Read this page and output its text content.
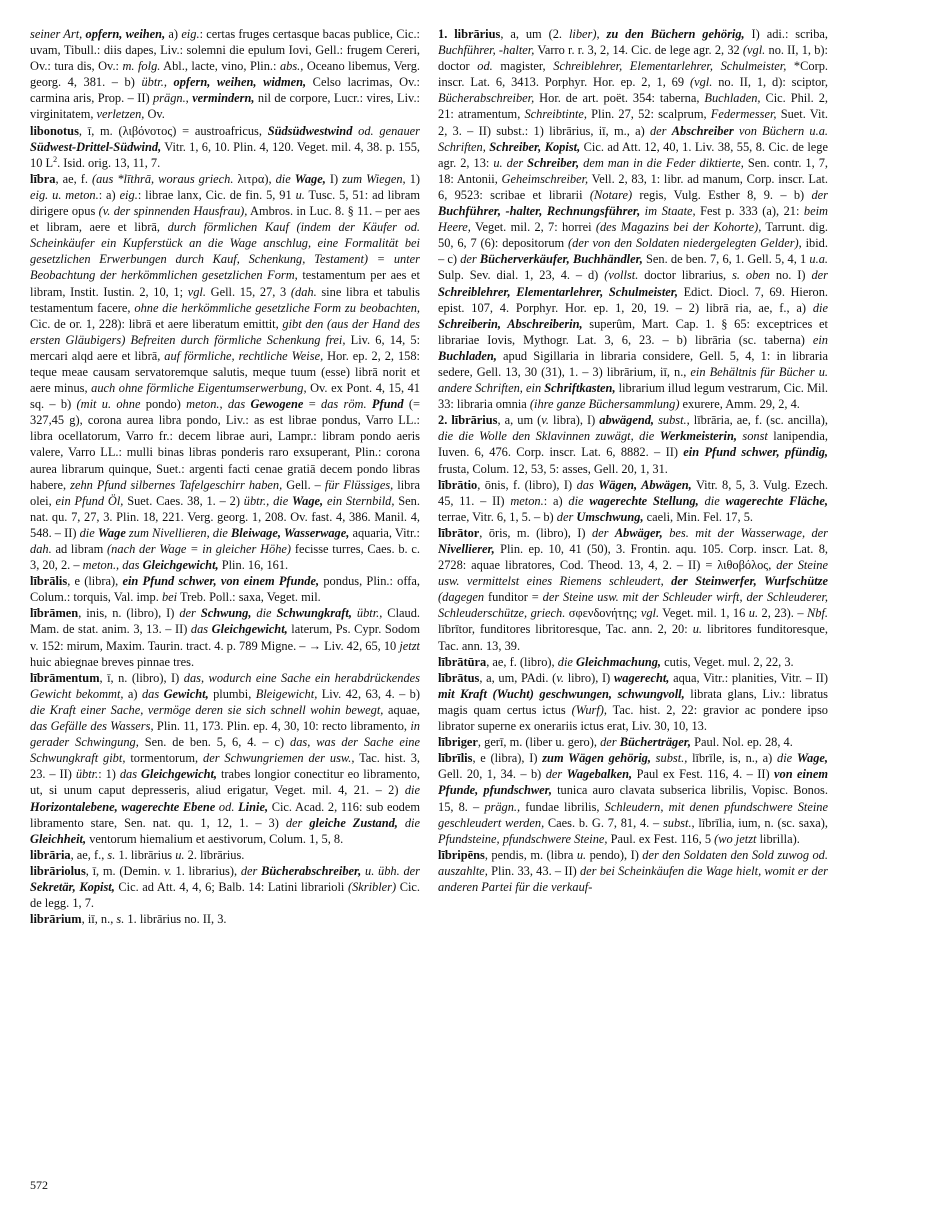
seiner Art, opfern, weihen, a) eig.: certas fruges certasque bacas publice, Cic.: uvam, Tibull.: diis dapes, Liv.: solemni die epulum Iovi, Gell.: frugem Cereri, Ov.: tura dis, Ov.: m. folg. Abl., lacte, vino, Plin.: abs., Oceano libemus, Verg. georg. 4, 381. – b) übtr., opfern, weihen, widmen, Celso lacrimas, Ov.: carmina aris, Prop. – II) prägn., vermindern, nil de corpore, Lucr.: vires, Liv.: virginitatem, verletzen, Ov.

libonotus, ī, m. (λιβόνοτος) = austroafricus, Südsüdwestwind od. genauer Südwest-Drittel-Südwind, Vitr. 1, 6, 10. Plin. 4, 120. Veget. mil. 4, 38. p. 155, 10 $L^2$. Isid. orig. 13, 11, 7.

lībra, ae, f. (aus *līthrā, woraus griech. λιτρα), die Wage, I) zum Wiegen, 1) eig. u. meton.: a) eig.: librae lanx, Cic. de fin. 5, 91 u. Tusc. 5, 51: ad libram dirigere opus (v. der spinnenden Hausfrau), Ambros. in Luc. 8. § 11. – per aes et libram, aere et librā, durch förmlichen Kauf (indem der Käufer od. Scheinkäufer ein Kupferstück an die Wage anschlug, eine Formalität bei gesetzlichen Erwerbungen durch Kauf, Schenkung, Testament) = unter Beobachtung der herkömmlichen gesetzlichen Form, testamentum per aes et libram, Instit. Iustin. 2, 10, 1; vgl. Gell. 15, 27, 3 (dah. sine libra et tabulis testamentum facere, ohne die herkömmliche gesetzliche Form zu beobachten, Cic. de or. 1, 228): librā et aere liberatum emittit, gibt den (aus der Hand des ersten Gläubigers) Befreiten durch förmliche Schenkung frei, Liv. 6, 14, 5: mercari alqd aere et librā, auf förmliche, rechtliche Weise, Hor. ep. 2, 2, 158: teque meae causam servatoremque salutis, meque tuum (esse) librā norit et aere minus, auch ohne förmliche Eigentumserwerbung, Ov. ex Pont. 4, 15, 41 sq. – b) (mit u. ohne pondo) meton., das Gewogene = das röm. Pfund (= 327,45 g), corona aurea libra pondo, Liv.: as est librae pondus, Varro LL.: libra ocellatorum, Varro fr.: decem librae auri, Lampr.: libram pondo aeris valere, Varro LL.: mulli binas libras ponderis raro exsuperant, Plin.: corona aurea librarum quinque, Suet.: argenti facti cenae gratiā decem pondo libras habere, zehn Pfund silbernes Tafelgeschirr haben, Gell. – für Flüssiges, libra olei, ein Pfund Öl, Suet. Caes. 38, 1. – 2) übtr., die Wage, ein Sternbild, Sen. nat. qu. 7, 27, 3. Plin. 18, 221. Verg. georg. 1, 208. Ov. fast. 4, 386. Manil. 4, 548. – II) die Wage zum Nivellieren, die Bleiwage, Wasserwage, aquaria, Vitr.: dah. ad libram (nach der Wage = in gleicher Höhe) fecisse turres, Caes. b. c. 3, 20, 2. – meton., das Gleichgewicht, Plin. 16, 161.

lībrālis, e (libra), ein Pfund schwer, von einem Pfunde, pondus, Plin.: offa, Colum.: torquis, Val. imp. bei Treb. Poll.: saxa, Veget. mil.

lībrāmen, inis, n. (libro), I) der Schwung, die Schwungkraft, übtr., Claud. Mam. de stat. anim. 3, 13. – II) das Gleichgewicht, laterum, Ps. Cypr. Sodom v. 152: mirum, Maxim. Taurin. tract. 4. p. 789 Migne. – → Liv. 42, 65, 10 jetzt huic abiegnae breves pinnae tres.

lībrāmentum, ī, n. (libro), I) das, wodurch eine Sache ein herabdrückendes Gewicht bekommt, a) das Gewicht, plumbi, Bleigewicht, Liv. 42, 63, 4. – b) die Kraft einer Sache, vermöge deren sie sich schnell wohin bewegt, aquae, das Gefälle des Wassers, Plin. 11, 173. Plin. ep. 4, 30, 10: recto libramento, in gerader Schwingung, Sen. de ben. 5, 6, 4. – c) das, was der Sache eine Schwungkraft gibt, tormentorum, der Schwungriemen der usw., Tac. hist. 3, 23. – II) übtr.: 1) das Gleichgewicht, trabes longior conectitur eo libramento, ut, si unum caput depresseris, aliud erigatur, Veget. mil. 4, 21. – 2) die Horizontalebene, wagerechte Ebene od. Linie, Cic. Acad. 2, 116: sub eodem libramento stare, Sen. nat. qu. 1, 12, 1. – 3) der gleiche Zustand, die Gleichheit, ventorum hiemalium et aestivorum, Colum. 1, 5, 8.

librāria, ae, f., s. 1. librārius u. 2. lībrārius.

librāriolus, ī, m. (Demin. v. 1. librarius), der Bücherabschreiber, u. übh. der Sekretär, Kopist, Cic. ad Att. 4, 4, 6; Balb. 14: Latini librarioli (Skribler) Cic. de legg. 1, 7.

librārium, iī, n., s. 1. librārius no. II, 3.

1. librārius, a, um (2. liber), zu den Büchern gehörig, I) adi.: scriba, Buchführer, -halter, Varro r. r. 3, 2, 14. Cic. de lege agr. 2, 32 (vgl. no. II, 1, b): doctor od. magister, Schreiblehrer, Elementarlehrer, Schulmeister, *Corp. inscr. Lat. 6, 3413. Porphyr. Hor. ep. 2, 1, 69 (vgl. no. II, 1, d): sciptor, Bücherabschreiber, Hor. de art. poët. 354: taberna, Buchladen, Cic. Phil. 2, 21: atramentum, Schreibtinte, Plin. 27, 52: scalprum, Federmesser, Suet. Vit. 2, 3. – II) subst.: 1) librārius, iī, m., a) der Abschreiber von Büchern u.a. Schriften, Schreiber, Kopist, Cic. ad Att. 12, 40, 1. Liv. 38, 55, 8. Cic. de lege agr. 2, 13: u. der Schreiber, dem man in die Feder diktierte, Sen. contr. 1, 7, 18: Antonii, Geheimschreiber, Vell. 2, 83, 1: libr. ad manum, Corp. inscr. Lat. 6, 9523: scribae et librarii (Notare) regis, Vulg. Esther 8, 9. – b) der Buchführer, -halter, Rechnungsführer, im Staate, Fest p. 333 (a), 21: beim Heere, Veget. mil. 2, 7: horrei (des Magazins bei der Kohorte), Tarrunt. dig. 50, 6, 7 (6): depositorum (der von den Soldaten niedergelegten Gelder), ibid. – c) der Bücherverkäufer, Buchhändler, Sen. de ben. 7, 6, 1. Gell. 5, 4, 1 u.a. Sulp. Sev. dial. 1, 23, 4. – d) (vollst. doctor librarius, s. oben no. I) der Schreiblehrer, Elementarlehrer, Schulmeister, Edict. Diocl. 7, 69. Hieron. epist. 107, 4. Porphyr. Hor. ep. 1, 20, 19. – 2) librā ria, ae, f., a) die Schreiberin, Abschreiberin, superûm, Mart. Cap. 1. § 65: exceptrices et librariae Iovis, Mythogr. Lat. 3, 6, 23. – b) librāria (sc. taberna) ein Buchladen, apud Sigillaria in libraria considere, Gell. 5, 4, 1: in libraria sedere, Gell. 13, 30 (31), 1. – 3) librārium, iī, n., ein Behältnis für Bücher u. andere Schriften, ein Schriftkasten, librarium illud legum vestrarum, Cic. Mil. 33: libraria omnia (ihre ganze Büchersammlung) exurere, Amm. 29, 2, 4.

2. lībrārius, a, um (v. libra), I) abwägend, subst., lībrāria, ae, f. (sc. ancilla), die die Wolle den Sklavinnen zuwägt, die Werkmeisterin, sonst lanipendia, Iuven. 6, 476. Corp. inscr. Lat. 6, 8882. – II) ein Pfund schwer, pfündig, frusta, Colum. 12, 53, 5: asses, Gell. 20, 1, 31.

lībrātio, ōnis, f. (libro), I) das Wägen, Abwägen, Vitr. 8, 5, 3. Vulg. Ezech. 45, 11. – II) meton.: a) die wagerechte Stellung, die wagerechte Fläche, terrae, Vitr. 6, 1, 5. – b) der Umschwung, caeli, Min. Fel. 17, 5.

lībrātor, ōris, m. (libro), I) der Abwäger, bes. mit der Wasserwage, der Nivellierer, Plin. ep. 10, 41 (50), 3. Frontin. aqu. 105. Corp. inscr. Lat. 8, 2728: aquae libratores, Cod. Theod. 13, 4, 2. – II) = λιθοβόλος, der Steine usw. vermittelst eines Riemens schleudert, der Steinwerfer, Wurfschütze (dagegen funditor = der Steine usw. mit der Schleuder wirft, der Schleuderer, Schleuderschütze, griech. σφενδονήτης; vgl. Veget. mil. 1, 16 u. 2, 23). – Nbf. lībrītor, funditores libritoresque, Tac. ann. 2, 20: u. libritores funditoresque, Tac. ann. 13, 39.

lībrātūra, ae, f. (libro), die Gleichmachung, cutis, Veget. mul. 2, 22, 3.

lībrātus, a, um, PAdi. (v. libro), I) wagerecht, aqua, Vitr.: planities, Vitr. – II) mit Kraft (Wucht) geschwungen, schwungvoll, librata glans, Liv.: libratus magis quam certus ictus (Wurf), Tac. hist. 2, 22: gravior ac pondere ipso librator superne ex onerariis ictus erat, Liv. 30, 10, 13.

lībriger, gerī, m. (liber u. gero), der Bücherträger, Paul. Nol. ep. 28, 4.

lībrīlis, e (libra), I) zum Wägen gehörig, subst., lībrīle, is, n., a) die Wage, Gell. 20, 1, 34. – b) der Wagebalken, Paul ex Fest. 116, 4. – II) von einem Pfunde, pfundschwer, tunica auro clavata subserica librilis, Vopisc. Bonos. 15, 8. – prägn., fundae librilis, Schleudern, mit denen pfundschwere Steine geschleudert werden, Caes. b. G. 7, 81, 4. – subst., lībrīlia, ium, n. (sc. saxa), Pfundsteine, pfundschwere Steine, Paul. ex Fest. 116, 5 (wo jetzt librilla).

lībripēns, pendis, m. (libra u. pendo), I) der den Soldaten den Sold zuwog od. auszahlte, Plin. 33, 43. – II) der bei Scheinkäufen die Wage hielt, womit er der anderen Partei für die verkauf-

572
